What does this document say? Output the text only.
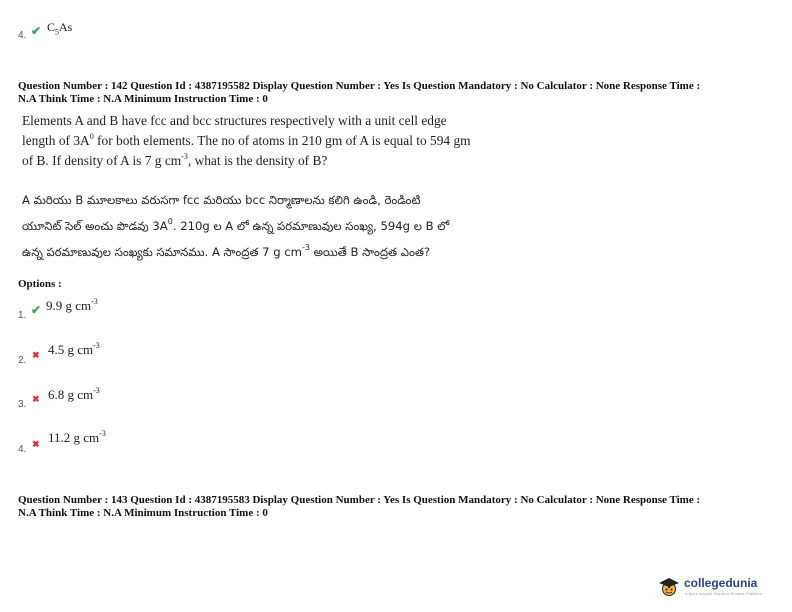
4. ✔ $C_5As$
Question Number : 142 Question Id : 4387195582 Display Question Number : Yes Is Question Mandatory : No Calculator : None Response Time :
N.A Think Time : N.A Minimum Instruction Time : 0
Elements A and B have fcc and bcc structures respectively with a unit cell edge
length of $3A^0$ for both elements. The no of atoms in 210 gm of A is equal to 594 gm
of B. If density of A is 7 g $cm^{-3}$, what is the density of B?
A మరియు B మూలకాలు వరుసగా fcc మరియు bcc నిర్మాణాలను కలిగి ఉండి, రెండింటి
యూనిట్ సెల్ అంచు పొడవు $3A^0$. 210g ల A లో ఉన్న పరమాణువుల సంఖ్య, 594g ల B లో
ఉన్న పరమాణువుల సంఖ్యకు సమానము. A సాంద్రత 7 g $cm^{-3}$ అయితే B సాంద్రత ఎంత?
Options :
1. ✔ 9.9 g $cm^{-3}$
2. ✖ 4.5 g $cm^{-3}$
3. ✖ 6.8 g $cm^{-3}$
4. ✖ 11.2 g $cm^{-3}$
Question Number : 143 Question Id : 4387195583 Display Question Number : Yes Is Question Mandatory : No Calculator : None Response Time :
N.A Think Time : N.A Minimum Instruction Time : 0
collegedunia
India's largest Student Review Platform
